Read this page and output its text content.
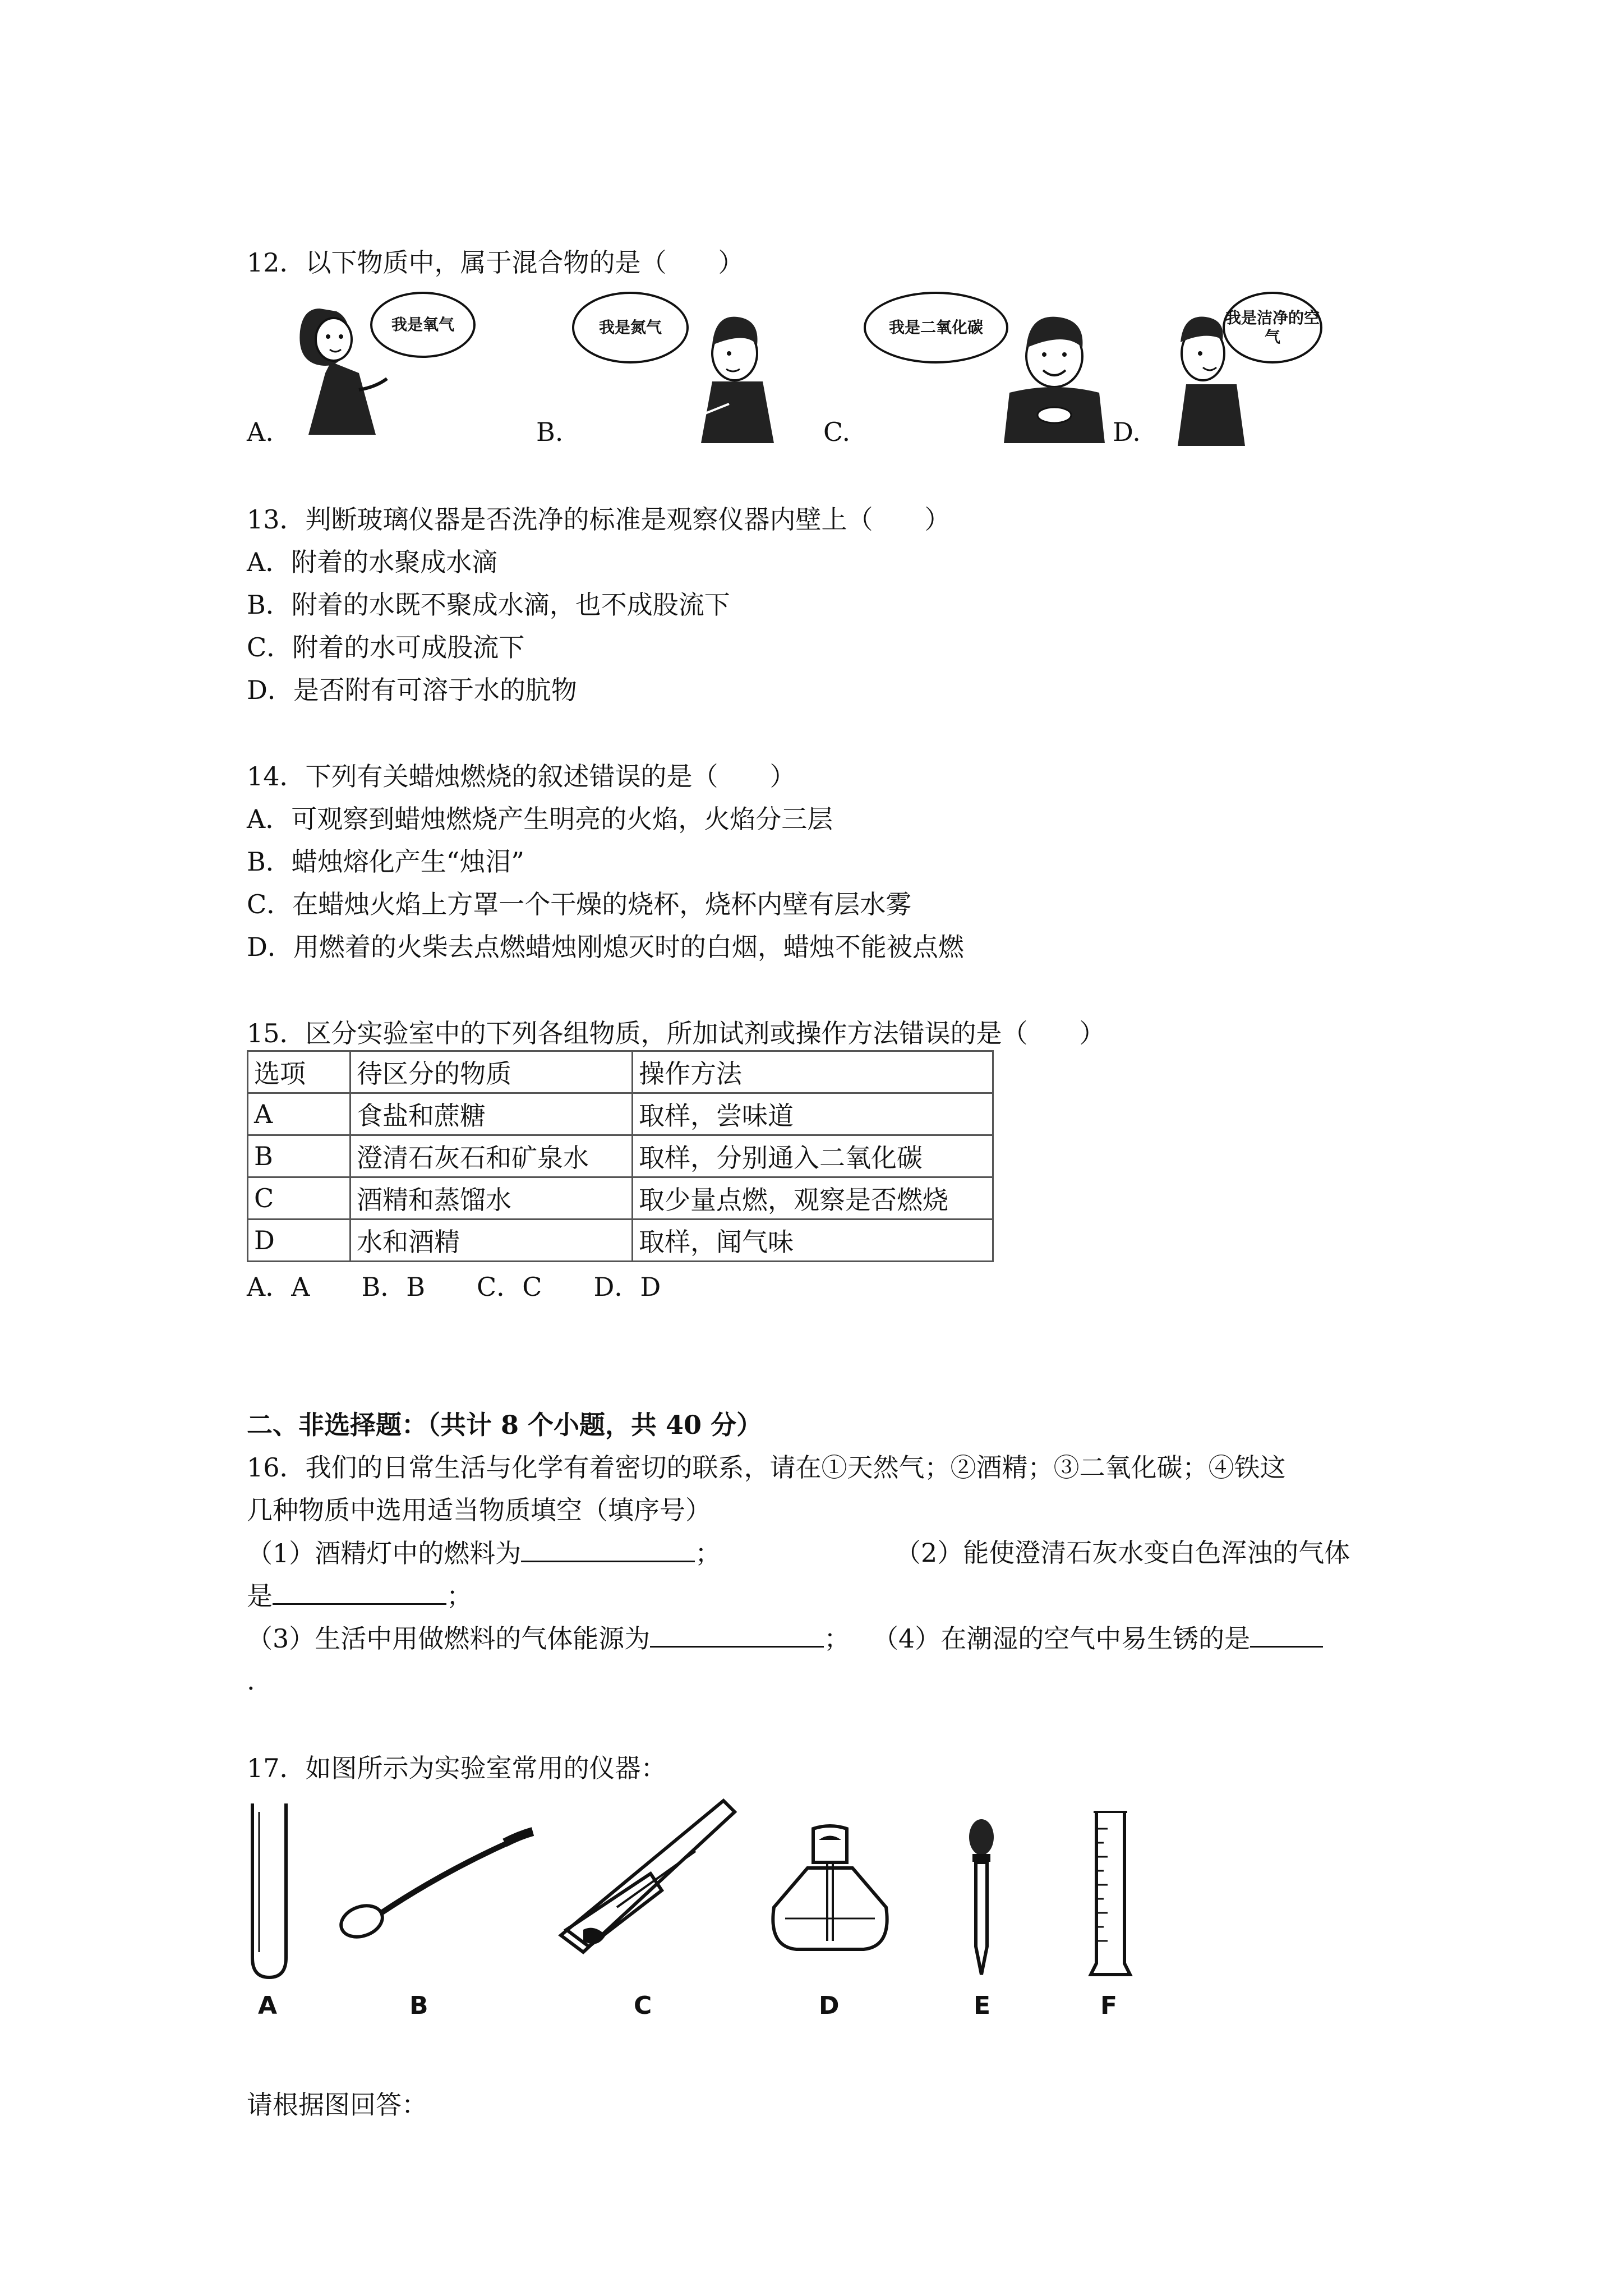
12．以下物质中，属于混合物的是（　　）
我是氧气
A.
我是氮气
B.
我是二氧化碳
C.
我是洁净的空气
D.
13．判断玻璃仪器是否洗净的标准是观察仪器内壁上（　　）
A．附着的水聚成水滴
B．附着的水既不聚成水滴，也不成股流下
C．附着的水可成股流下
D．是否附有可溶于水的肮物
14．下列有关蜡烛燃烧的叙述错误的是（　　）
A．可观察到蜡烛燃烧产生明亮的火焰，火焰分三层
B．蜡烛熔化产生“烛泪”
C．在蜡烛火焰上方罩一个干燥的烧杯，烧杯内壁有层水雾
D．用燃着的火柴去点燃蜡烛刚熄灭时的白烟，蜡烛不能被点燃
15．区分实验室中的下列各组物质，所加试剂或操作方法错误的是（　　）
选项	待区分的物质	操作方法
A	食盐和蔗糖	取样，尝味道
B	澄清石灰石和矿泉水	取样，分别通入二氧化碳
C	酒精和蒸馏水	取少量点燃，观察是否燃烧
D	水和酒精	取样，闻气味
A．A　　B．B　　C．C　　D．D
二、非选择题：（共计 8 个小题，共 40 分）
16．我们的日常生活与化学有着密切的联系，请在①天然气；②酒精；③二氧化碳；④铁这
几种物质中选用适当物质填空（填序号）
（1）酒精灯中的燃料为	；	（2）能使澄清石灰水变白色浑浊的气体
是	；
（3）生活中用做燃料的气体能源为	； （4）在潮湿的空气中易生锈的是
.
17．如图所示为实验室常用的仪器：
A	B	C	D	E	F
请根据图回答：
